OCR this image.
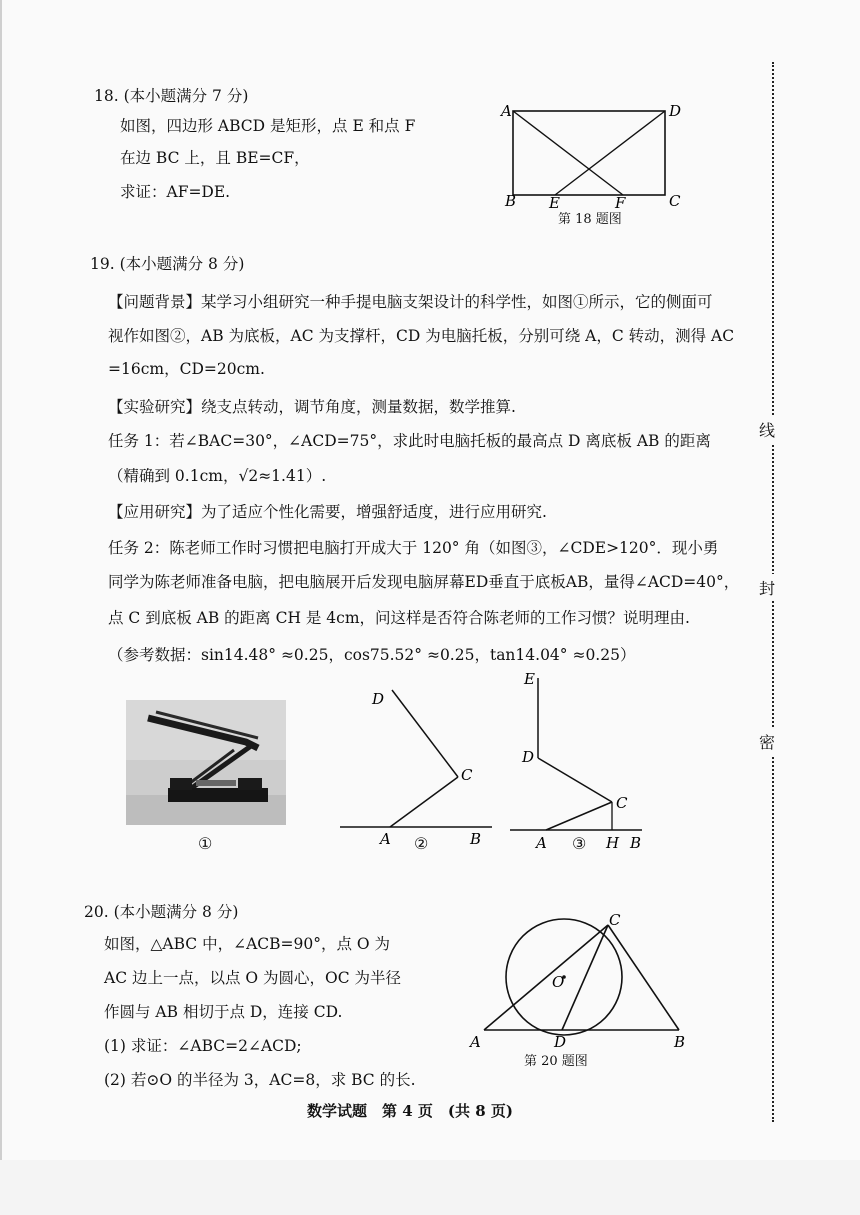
18. (本小题满分 7 分)
如图，四边形 ABCD 是矩形，点 E 和点 F
在边 BC 上，且 BE=CF，
求证：AF=DE.
A	D
B E	F	C
第 18 题图
19. (本小题满分 8 分)
【问题背景】某学习小组研究一种手提电脑支架设计的科学性，如图①所示，它的侧面可
视作如图②，AB 为底板，AC 为支撑杆，CD 为电脑托板，分别可绕 A，C 转动，测得 AC
=16cm，CD=20cm.
【实验研究】绕支点转动，调节角度，测量数据，数学推算.
任务 1：若∠BAC=30°，∠ACD=75°，求此时电脑托板的最高点 D 离底板 AB 的距离
（精确到 0.1cm，√2≈1.41）.
【应用研究】为了适应个性化需要，增强舒适度，进行应用研究.
任务 2：陈老师工作时习惯把电脑打开成大于 120° 角（如图③，∠CDE>120°．现小勇
同学为陈老师准备电脑，把电脑展开后发现电脑屏幕ED垂直于底板AB，量得∠ACD=40°，
点 C 到底板 AB 的距离 CH 是 4cm，问这样是否符合陈老师的工作习惯？说明理由.
（参考数据：sin14.48° ≈0.25，cos75.52° ≈0.25，tan14.04° ≈0.25）
①
D
C
A	B
②
E
D
C
A	H B
③
20. (本小题满分 8 分)
如图，△ABC 中，∠ACB=90°，点 O 为
AC 边上一点，以点 O 为圆心，OC 为半径
作圆与 AB 相切于点 D，连接 CD.
(1) 求证：∠ABC=2∠ACD;
(2) 若⊙O 的半径为 3，AC=8，求 BC 的长.
C
O
A	D	B
第 20 题图
数学试题　第 4 页　(共 8 页)
线
封
密
